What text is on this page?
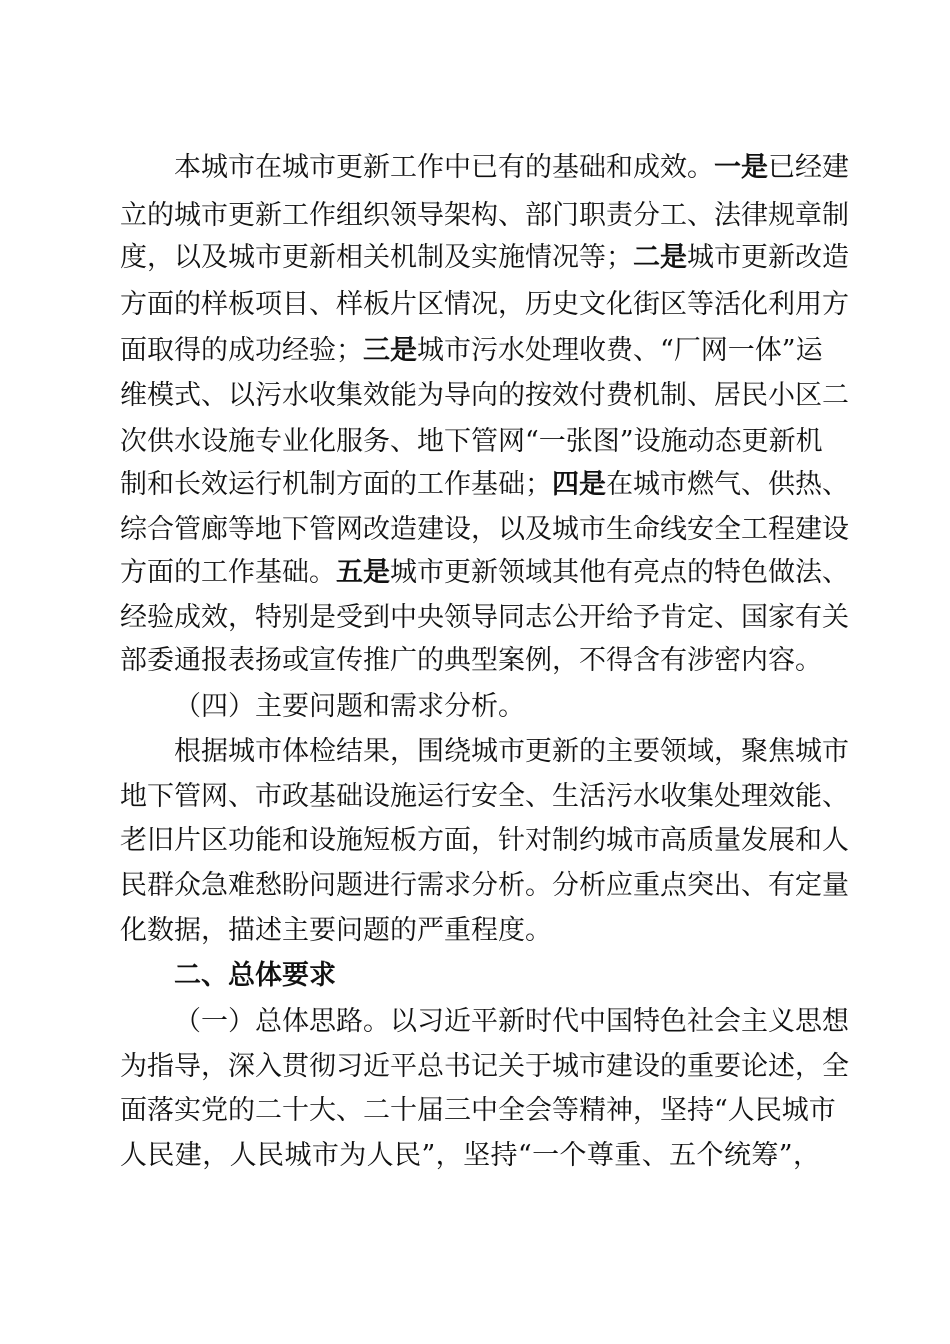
本城市在城市更新工作中已有的基础和成效。一是已经建
立的城市更新工作组织领导架构、部门职责分工、法律规章制
度，以及城市更新相关机制及实施情况等；二是城市更新改造
方面的样板项目、样板片区情况，历史文化街区等活化利用方
面取得的成功经验；三是城市污水处理收费、“厂网一体”运
维模式、以污水收集效能为导向的按效付费机制、居民小区二
次供水设施专业化服务、地下管网“一张图”设施动态更新机
制和长效运行机制方面的工作基础；四是在城市燃气、供热、
综合管廊等地下管网改造建设，以及城市生命线安全工程建设
方面的工作基础。五是城市更新领域其他有亮点的特色做法、
经验成效，特别是受到中央领导同志公开给予肯定、国家有关
部委通报表扬或宣传推广的典型案例，不得含有涉密内容。
（四）主要问题和需求分析。
根据城市体检结果，围绕城市更新的主要领域，聚焦城市
地下管网、市政基础设施运行安全、生活污水收集处理效能、
老旧片区功能和设施短板方面，针对制约城市高质量发展和人
民群众急难愁盼问题进行需求分析。分析应重点突出、有定量
化数据，描述主要问题的严重程度。
二、总体要求
（一）总体思路。以习近平新时代中国特色社会主义思想
为指导，深入贯彻习近平总书记关于城市建设的重要论述，全
面落实党的二十大、二十届三中全会等精神，坚持“人民城市
人民建，人民城市为人民”，坚持“一个尊重、五个统筹”，
